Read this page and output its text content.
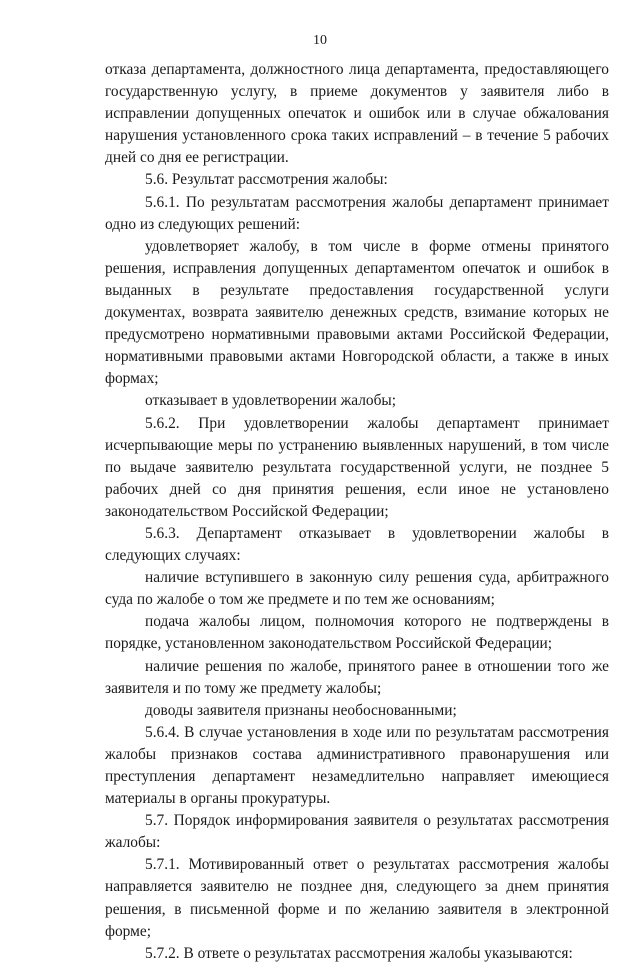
10

отказа департамента, должностного лица департамента, предоставляющего государственную услугу, в приеме документов у заявителя либо в исправлении допущенных опечаток и ошибок или в случае обжалования нарушения установленного срока таких исправлений – в течение 5 рабочих дней со дня ее регистрации.

5.6. Результат рассмотрения жалобы:

5.6.1. По результатам рассмотрения жалобы департамент принимает одно из следующих решений:

удовлетворяет жалобу, в том числе в форме отмены принятого решения, исправления допущенных департаментом опечаток и ошибок в выданных в результате предоставления государственной услуги документах, возврата заявителю денежных средств, взимание которых не предусмотрено нормативными правовыми актами Российской Федерации, нормативными правовыми актами Новгородской области, а также в иных формах;

отказывает в удовлетворении жалобы;

5.6.2. При удовлетворении жалобы департамент принимает исчерпывающие меры по устранению выявленных нарушений, в том числе по выдаче заявителю результата государственной услуги, не позднее 5 рабочих дней со дня принятия решения, если иное не установлено законодательством Российской Федерации;

5.6.3. Департамент отказывает в удовлетворении жалобы в следующих случаях:

наличие вступившего в законную силу решения суда, арбитражного суда по жалобе о том же предмете и по тем же основаниям;

подача жалобы лицом, полномочия которого не подтверждены в порядке, установленном законодательством Российской Федерации;

наличие решения по жалобе, принятого ранее в отношении того же заявителя и по тому же предмету жалобы;

доводы заявителя признаны необоснованными;

5.6.4. В случае установления в ходе или по результатам рассмотрения жалобы признаков состава административного правонарушения или преступления департамент незамедлительно направляет имеющиеся материалы в органы прокуратуры.

5.7. Порядок информирования заявителя о результатах рассмотрения жалобы:

5.7.1. Мотивированный ответ о результатах рассмотрения жалобы направляется заявителю не позднее дня, следующего за днем принятия решения, в письменной форме и по желанию заявителя в электронной форме;

5.7.2. В ответе о результатах рассмотрения жалобы указываются:
